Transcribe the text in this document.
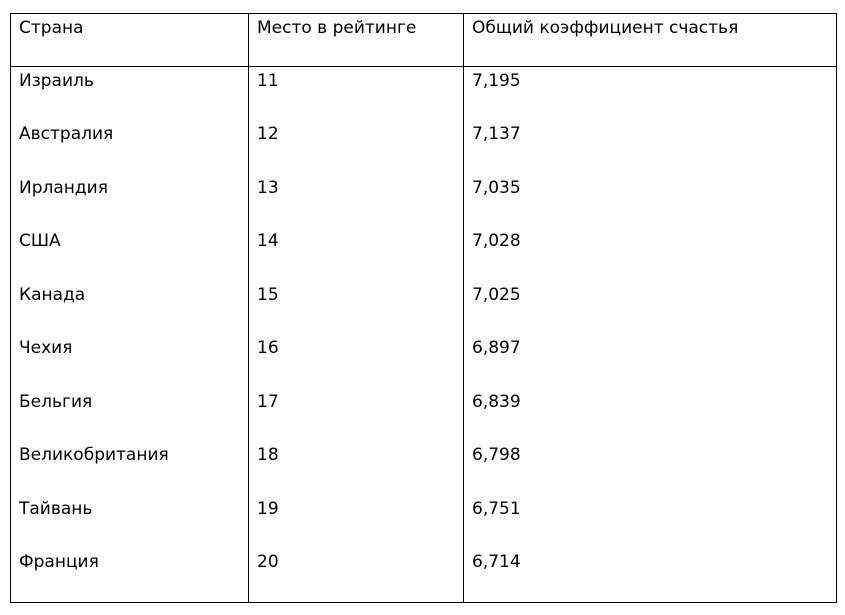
Страна	Место в рейтинге	Общий коэффициент счастья
Израиль	11	7,195
Австралия	12	7,137
Ирландия	13	7,035
США	14	7,028
Канада	15	7,025
Чехия	16	6,897
Бельгия	17	6,839
Великобритания	18	6,798
Тайвань	19	6,751
Франция	20	6,714
